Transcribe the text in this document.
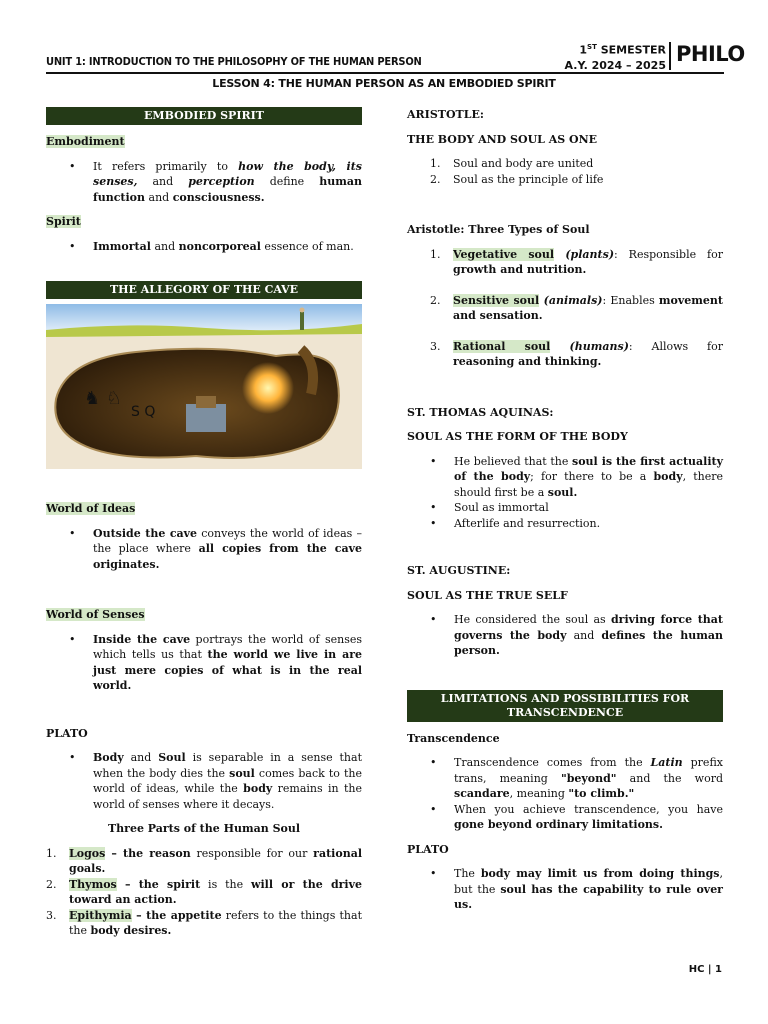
UNIT 1: INTRODUCTION TO THE PHILOSOPHY OF THE HUMAN PERSON
1ST SEMESTER
A.Y. 2024 – 2025 PHILO
LESSON 4: THE HUMAN PERSON AS AN EMBODIED SPIRIT
EMBODIED SPIRIT

Embodiment

• It refers primarily to how the body, its senses, and perception define human function and consciousness.

Spirit

• Immortal and noncorporeal essence of man.
THE ALLEGORY OF THE CAVE
♞ ♘
S Q

World of Ideas

• Outside the cave conveys the world of ideas – the place where all copies from the cave originates.

World of Senses

• Inside the cave portrays the world of senses which tells us that the world we live in are just mere copies of what is in the real world.

PLATO

• Body and Soul is separable in a sense that when the body dies the soul comes back to the world of ideas, while the body remains in the world of senses where it decays.

Three Parts of the Human Soul

1. Logos – the reason responsible for our rational goals.
2. Thymos – the spirit is the will or the drive toward an action.
3. Epithymia – the appetite refers to the things that the body desires.

ARISTOTLE:

THE BODY AND SOUL AS ONE

1. Soul and body are united
2. Soul as the principle of life

Aristotle: Three Types of Soul

1. Vegetative soul (plants): Responsible for growth and nutrition.
2. Sensitive soul (animals): Enables movement and sensation.
3. Rational soul (humans): Allows for reasoning and thinking.

ST. THOMAS AQUINAS:

SOUL AS THE FORM OF THE BODY

• He believed that the soul is the first actuality of the body; for there to be a body, there should first be a soul.
• Soul as immortal
• Afterlife and resurrection.

ST. AUGUSTINE:

SOUL AS THE TRUE SELF

• He considered the soul as driving force that governs the body and defines the human person.
LIMITATIONS AND POSSIBILITIES FOR TRANSCENDENCE

Transcendence

• Transcendence comes from the Latin prefix trans, meaning "beyond" and the word scandare, meaning "to climb."
• When you achieve transcendence, you have gone beyond ordinary limitations.

PLATO

• The body may limit us from doing things, but the soul has the capability to rule over us.
HC | 1
